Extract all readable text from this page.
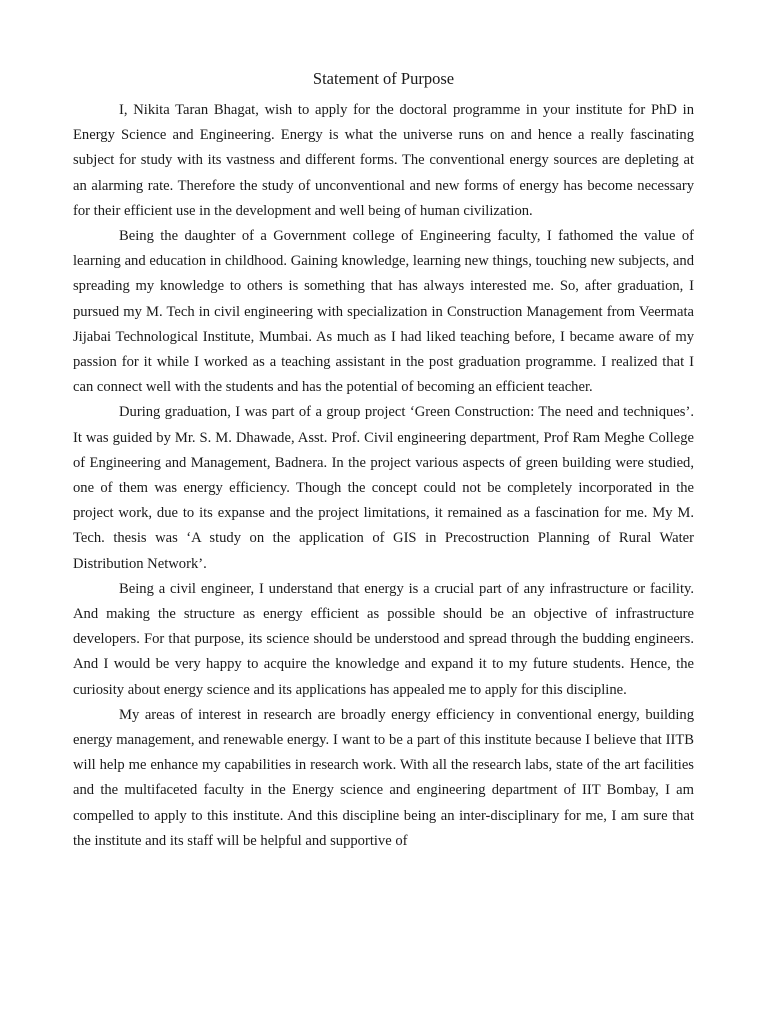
Statement of Purpose

I, Nikita Taran Bhagat, wish to apply for the doctoral programme in your institute for PhD in Energy Science and Engineering. Energy is what the universe runs on and hence a really fascinating subject for study with its vastness and different forms. The conventional energy sources are depleting at an alarming rate. Therefore the study of unconventional and new forms of energy has become necessary for their efficient use in the development and well being of human civilization.

Being the daughter of a Government college of Engineering faculty, I fathomed the value of learning and education in childhood. Gaining knowledge, learning new things, touching new subjects, and spreading my knowledge to others is something that has always interested me. So, after graduation, I pursued my M. Tech in civil engineering with specialization in Construction Management from Veermata Jijabai Technological Institute, Mumbai. As much as I had liked teaching before, I became aware of my passion for it while I worked as a teaching assistant in the post graduation programme. I realized that I can connect well with the students and has the potential of becoming an efficient teacher.

During graduation, I was part of a group project ‘Green Construction: The need and techniques’. It was guided by Mr. S. M. Dhawade, Asst. Prof. Civil engineering department, Prof Ram Meghe College of Engineering and Management, Badnera. In the project various aspects of green building were studied, one of them was energy efficiency. Though the concept could not be completely incorporated in the project work, due to its expanse and the project limitations, it remained as a fascination for me. My M. Tech. thesis was ‘A study on the application of GIS in Precostruction Planning of Rural Water Distribution Network’.

Being a civil engineer, I understand that energy is a crucial part of any infrastructure or facility. And making the structure as energy efficient as possible should be an objective of infrastructure developers. For that purpose, its science should be understood and spread through the budding engineers. And I would be very happy to acquire the knowledge and expand it to my future students. Hence, the curiosity about energy science and its applications has appealed me to apply for this discipline.

My areas of interest in research are broadly energy efficiency in conventional energy, building energy management, and renewable energy. I want to be a part of this institute because I believe that IITB will help me enhance my capabilities in research work. With all the research labs, state of the art facilities and the multifaceted faculty in the Energy science and engineering department of IIT Bombay, I am compelled to apply to this institute. And this discipline being an inter-disciplinary for me, I am sure that the institute and its staff will be helpful and supportive of
